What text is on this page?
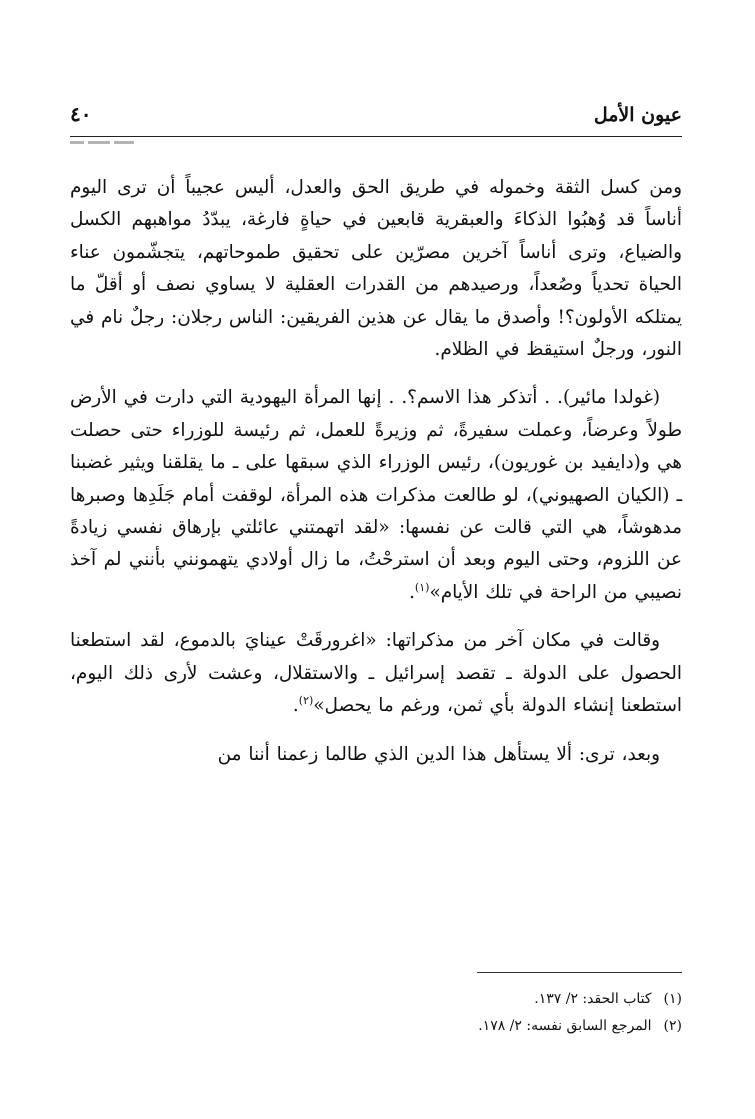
عيون الأمل
٤٠

ومن كسل الثقة وخموله في طريق الحق والعدل، أليس عجيباً أن ترى اليوم أناساً قد وُهبُوا الذكاءَ والعبقرية قابعين في حياةٍ فارغة، يبدّدُ مواهبهم الكسل والضياع، وترى أناساً آخرين مصرّين على تحقيق طموحاتهم، يتجشّمون عناء الحياة تحدياً وصُعداً، ورصيدهم من القدرات العقلية لا يساوي نصف أو أقلّ ما يمتلكه الأولون؟! وأصدق ما يقال عن هذين الفريقين: الناس رجلان: رجلٌ نام في النور، ورجلٌ استيقظ في الظلام.

(غولدا مائير). . أتذكر هذا الاسم؟. . إنها المرأة اليهودية التي دارت في الأرض طولاً وعرضاً، وعملت سفيرةً، ثم وزيرةً للعمل، ثم رئيسة للوزراء حتى حصلت هي و(دايفيد بن غوريون)، رئيس الوزراء الذي سبقها على ـ ما يقلقنا ويثير غضبنا ـ (الكيان الصهيوني)، لو طالعت مذكرات هذه المرأة، لوقفت أمام جَلَدِها وصبرها مدهوشاً، هي التي قالت عن نفسها: «لقد اتهمتني عائلتي بإرهاق نفسي زيادةً عن اللزوم، وحتى اليوم وبعد أن استرحْتُ، ما زال أولادي يتهمونني بأنني لم آخذ نصيبي من الراحة في تلك الأيام»$^{(١)}$.

وقالت في مكان آخر من مذكراتها: «اغرورقَتْ عينايَ بالدموع، لقد استطعنا الحصول على الدولة ـ تقصد إسرائيل ـ والاستقلال، وعشت لأرى ذلك اليوم، استطعنا إنشاء الدولة بأي ثمن، ورغم ما يحصل»$^{(٢)}$.

وبعد، ترى: ألا يستأهل هذا الدين الذي طالما زعمنا أننا من

(١) كتاب الحقد: ٢/ ١٣٧.
(٢) المرجع السابق نفسه: ٢/ ١٧٨.
